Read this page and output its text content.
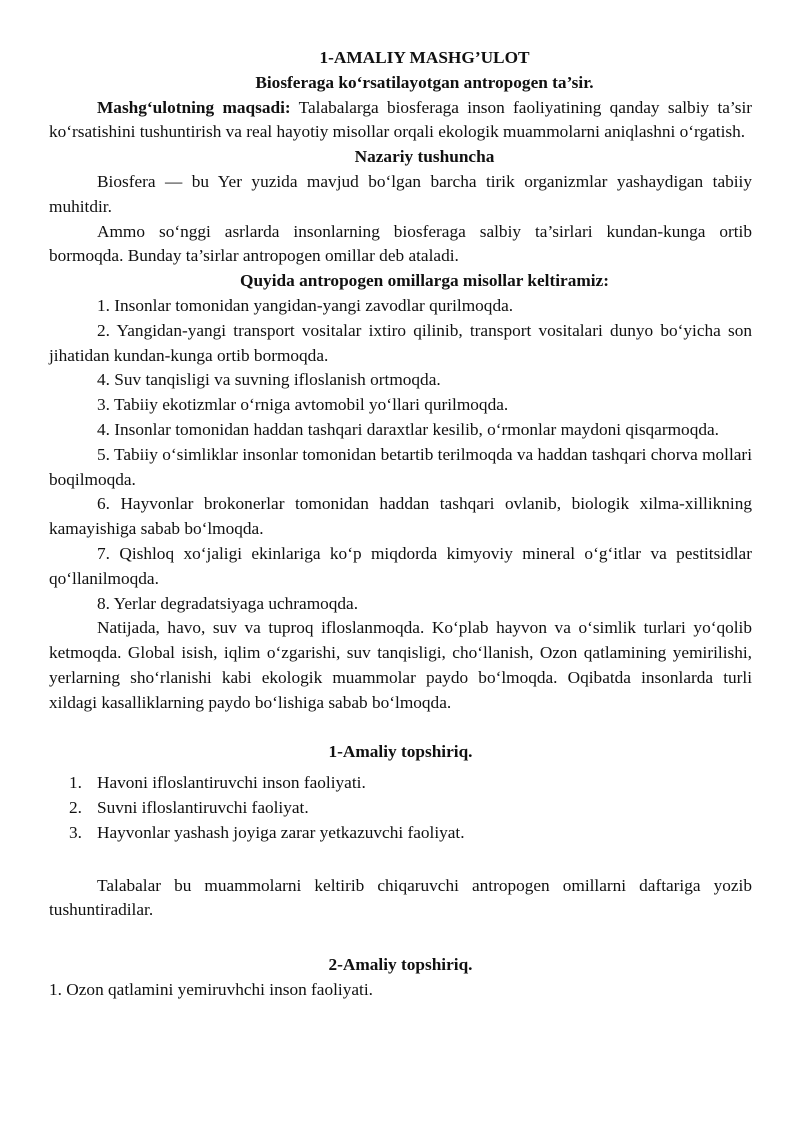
1-AMALIY MASHG’ULOT
Biosferaga koʻrsatilayotgan antropogen ta’sir.

Mashgʻulotning maqsadi: Talabalarga biosferaga inson faoliyatining qanday salbiy ta’sir koʻrsatishini tushuntirish va real hayotiy misollar orqali ekologik muammolarni aniqlashni oʻrgatish.

Nazariy tushuncha

Biosfera — bu Yer yuzida mavjud boʻlgan barcha tirik organizmlar yashaydigan tabiiy muhitdir.

Ammo soʻnggi asrlarda insonlarning biosferaga salbiy ta’sirlari kundan-kunga ortib bormoqda. Bunday ta’sirlar antropogen omillar deb ataladi.

Quyida antropogen omillarga misollar keltiramiz:

1. Insonlar tomonidan yangidan-yangi zavodlar qurilmoqda.

2. Yangidan-yangi transport vositalar ixtiro qilinib, transport vositalari dunyo boʻyicha son jihatidan kundan-kunga ortib bormoqda.

4. Suv tanqisligi va suvning ifloslanish ortmoqda.

3. Tabiiy ekotizmlar oʻrniga avtomobil yoʻllari qurilmoqda.

4. Insonlar tomonidan haddan tashqari daraxtlar kesilib, oʻrmonlar maydoni qisqarmoqda.

5. Tabiiy oʻsimliklar insonlar tomonidan betartib terilmoqda va haddan tashqari chorva mollari boqilmoqda.

6. Hayvonlar brokonerlar tomonidan haddan tashqari ovlanib, biologik xilma-xillikning kamayishiga sabab boʻlmoqda.

7. Qishloq xoʻjaligi ekinlariga koʻp miqdorda kimyoviy mineral oʻgʻitlar va pestitsidlar qoʻllanilmoqda.

8. Yerlar degradatsiyaga uchramoqda.

Natijada, havo, suv va tuproq ifloslanmoqda. Koʻplab hayvon va oʻsimlik turlari yoʻqolib ketmoqda. Global isish, iqlim oʻzgarishi, suv tanqisligi, choʻllanish, Ozon qatlamining yemirilishi, yerlarning shoʻrlanishi kabi ekologik muammolar paydo boʻlmoqda. Oqibatda insonlarda turli xildagi kasalliklarning paydo boʻlishiga sabab boʻlmoqda.

1-Amaliy topshiriq.
1. Havoni ifloslantiruvchi inson faoliyati.
2. Suvni ifloslantiruvchi faoliyat.
3. Hayvonlar yashash joyiga zarar yetkazuvchi faoliyat.

Talabalar bu muammolarni keltirib chiqaruvchi antropogen omillarni daftariga yozib tushuntiradilar.

2-Amaliy topshiriq.

1. Ozon qatlamini yemiruvhchi inson faoliyati.
